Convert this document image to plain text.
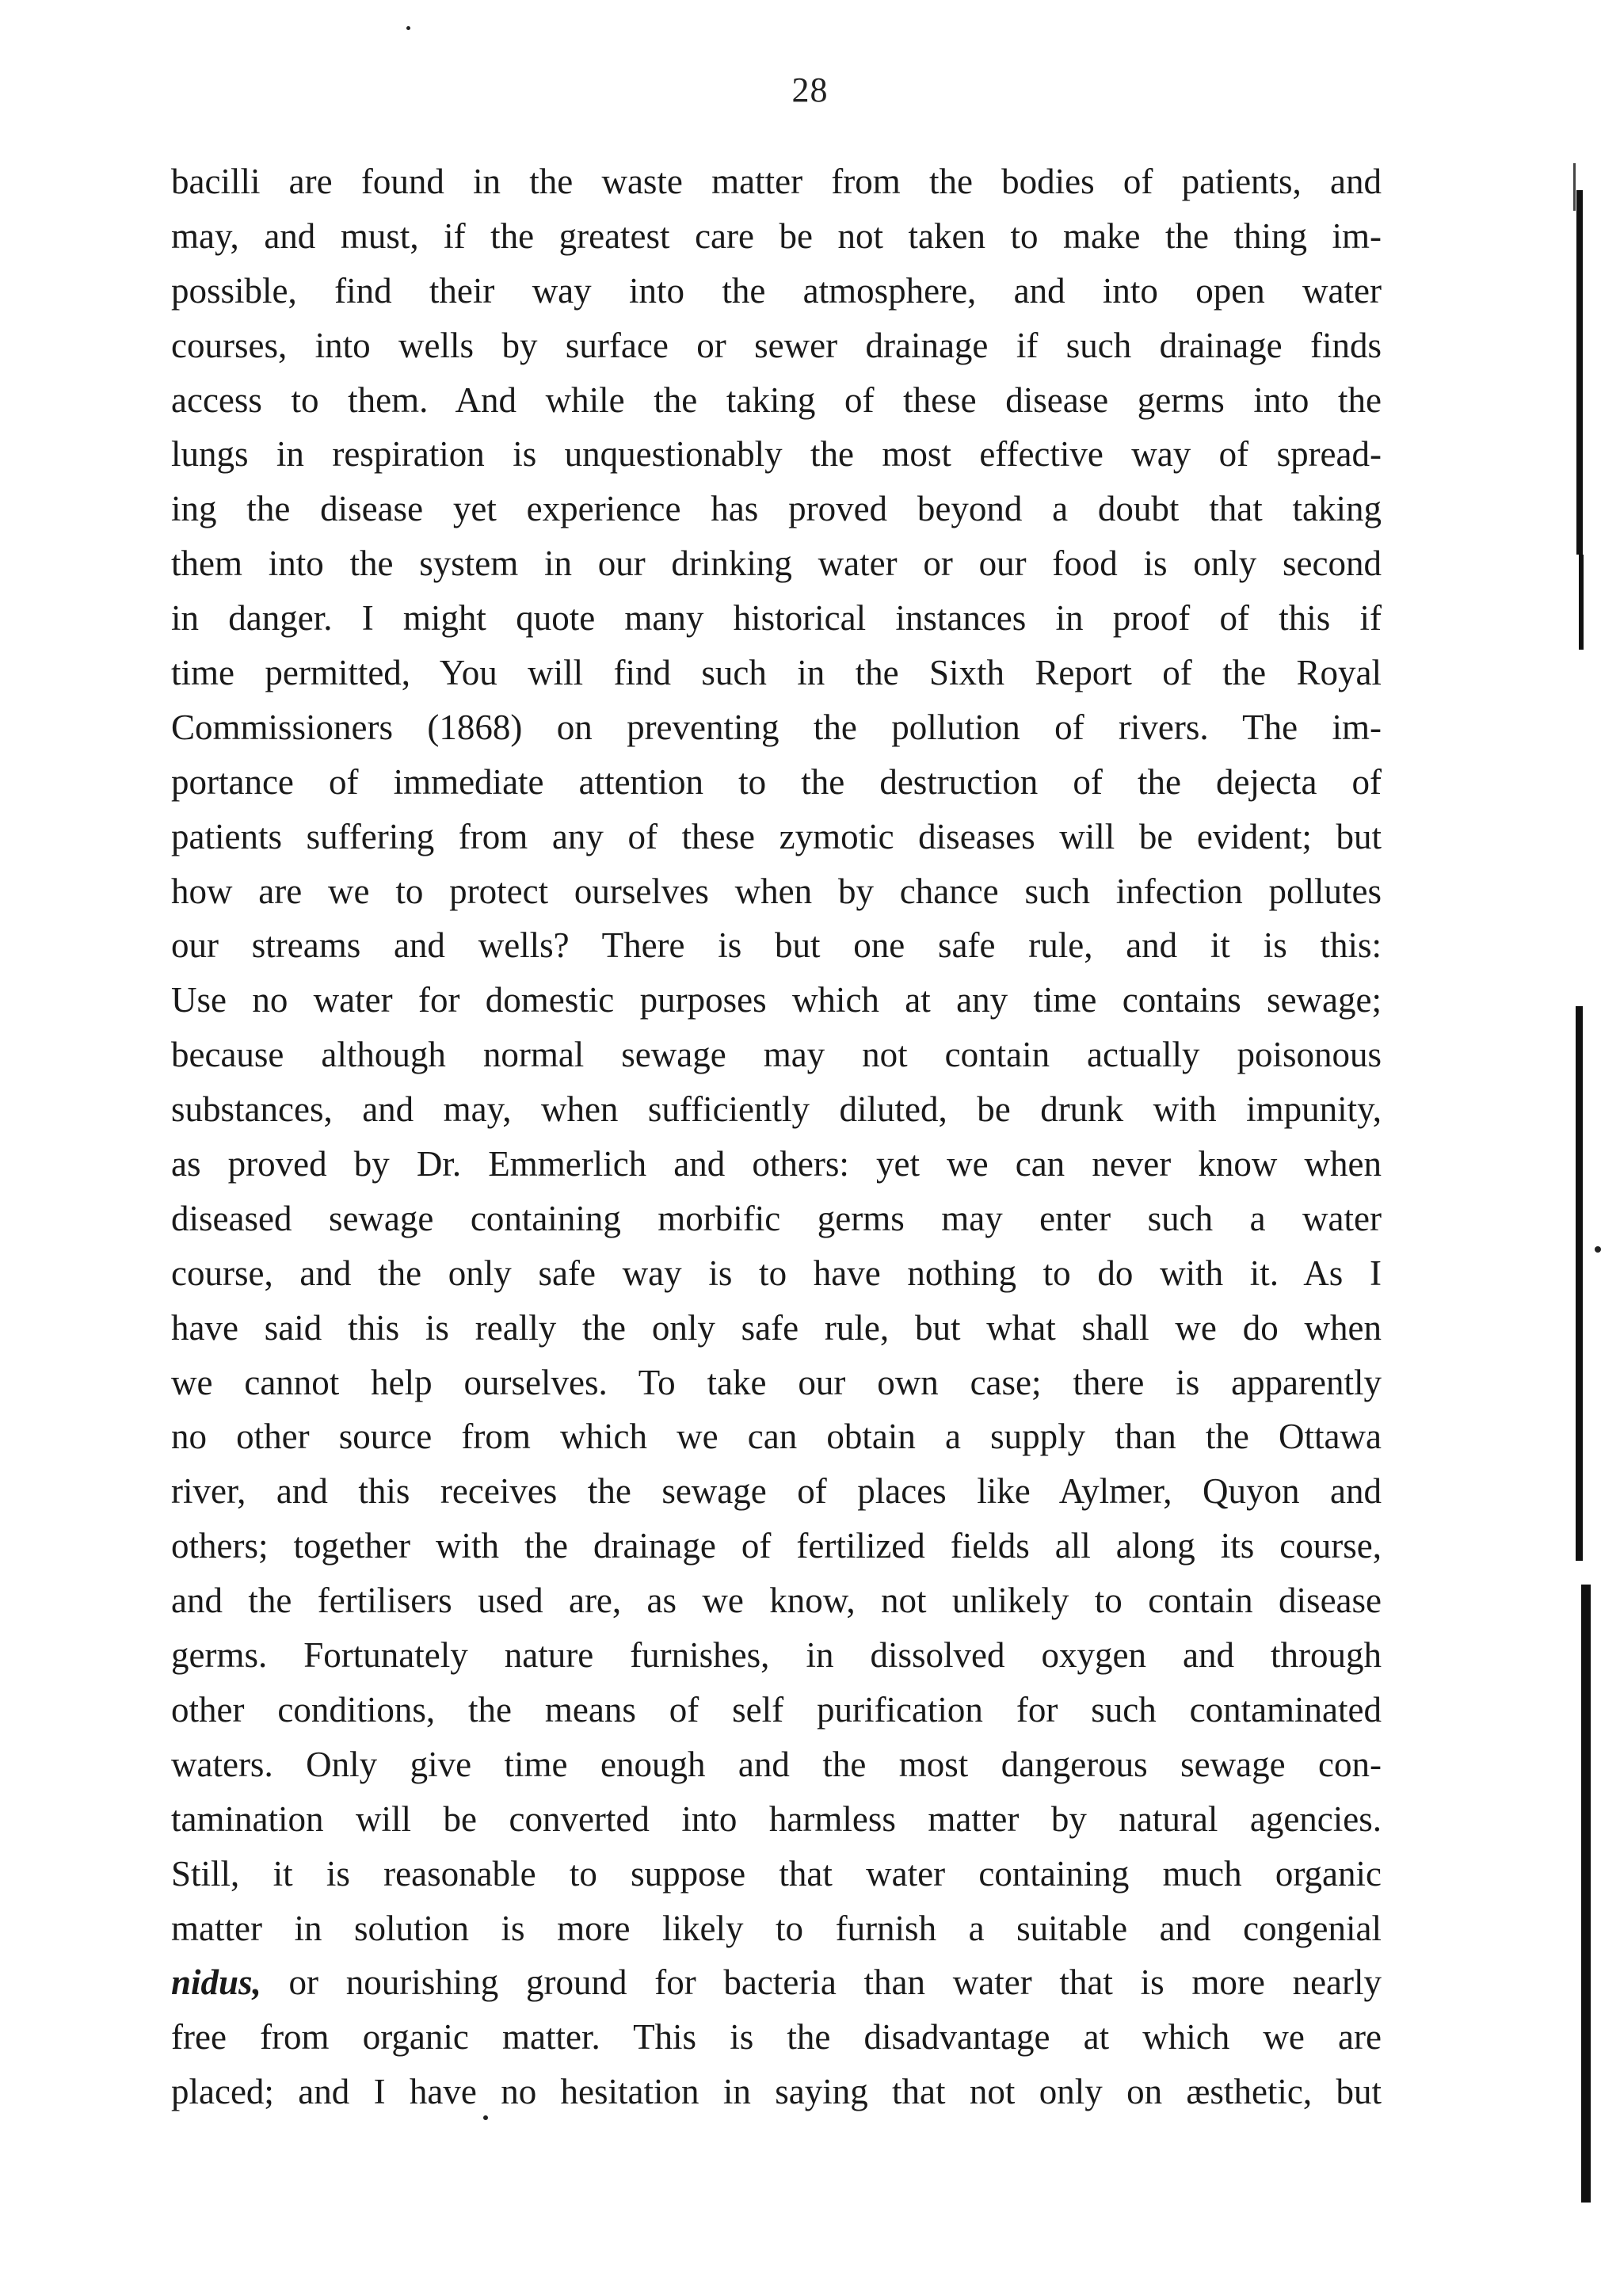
28
bacilli are found in the waste matter from the bodies of patients, and
may, and must, if the greatest care be not taken to make the thing im-
possible, find their way into the atmosphere, and into open water
courses, into wells by surface or sewer drainage if such drainage finds
access to them. And while the taking of these disease germs into the
lungs in respiration is unquestionably the most effective way of spread-
ing the disease yet experience has proved beyond a doubt that taking
them into the system in our drinking water or our food is only second
in danger. I might quote many historical instances in proof of this if
time permitted, You will find such in the Sixth Report of the Royal
Commissioners (1868) on preventing the pollution of rivers. The im-
portance of immediate attention to the destruction of the dejecta of
patients suffering from any of these zymotic diseases will be evident; but
how are we to protect ourselves when by chance such infection pollutes
our streams and wells? There is but one safe rule, and it is this:
Use no water for domestic purposes which at any time contains sewage;
because although normal sewage may not contain actually poisonous
substances, and may, when sufficiently diluted, be drunk with impunity,
as proved by Dr. Emmerlich and others: yet we can never know when
diseased sewage containing morbific germs may enter such a water
course, and the only safe way is to have nothing to do with it. As I
have said this is really the only safe rule, but what shall we do when
we cannot help ourselves. To take our own case; there is apparently
no other source from which we can obtain a supply than the Ottawa
river, and this receives the sewage of places like Aylmer, Quyon and
others; together with the drainage of fertilized fields all along its course,
and the fertilisers used are, as we know, not unlikely to contain disease
germs. Fortunately nature furnishes, in dissolved oxygen and through
other conditions, the means of self purification for such contaminated
waters. Only give time enough and the most dangerous sewage con-
tamination will be converted into harmless matter by natural agencies.
Still, it is reasonable to suppose that water containing much organic
matter in solution is more likely to furnish a suitable and congenial
nidus, or nourishing ground for bacteria than water that is more nearly
free from organic matter. This is the disadvantage at which we are
placed; and I have no hesitation in saying that not only on æsthetic, but
